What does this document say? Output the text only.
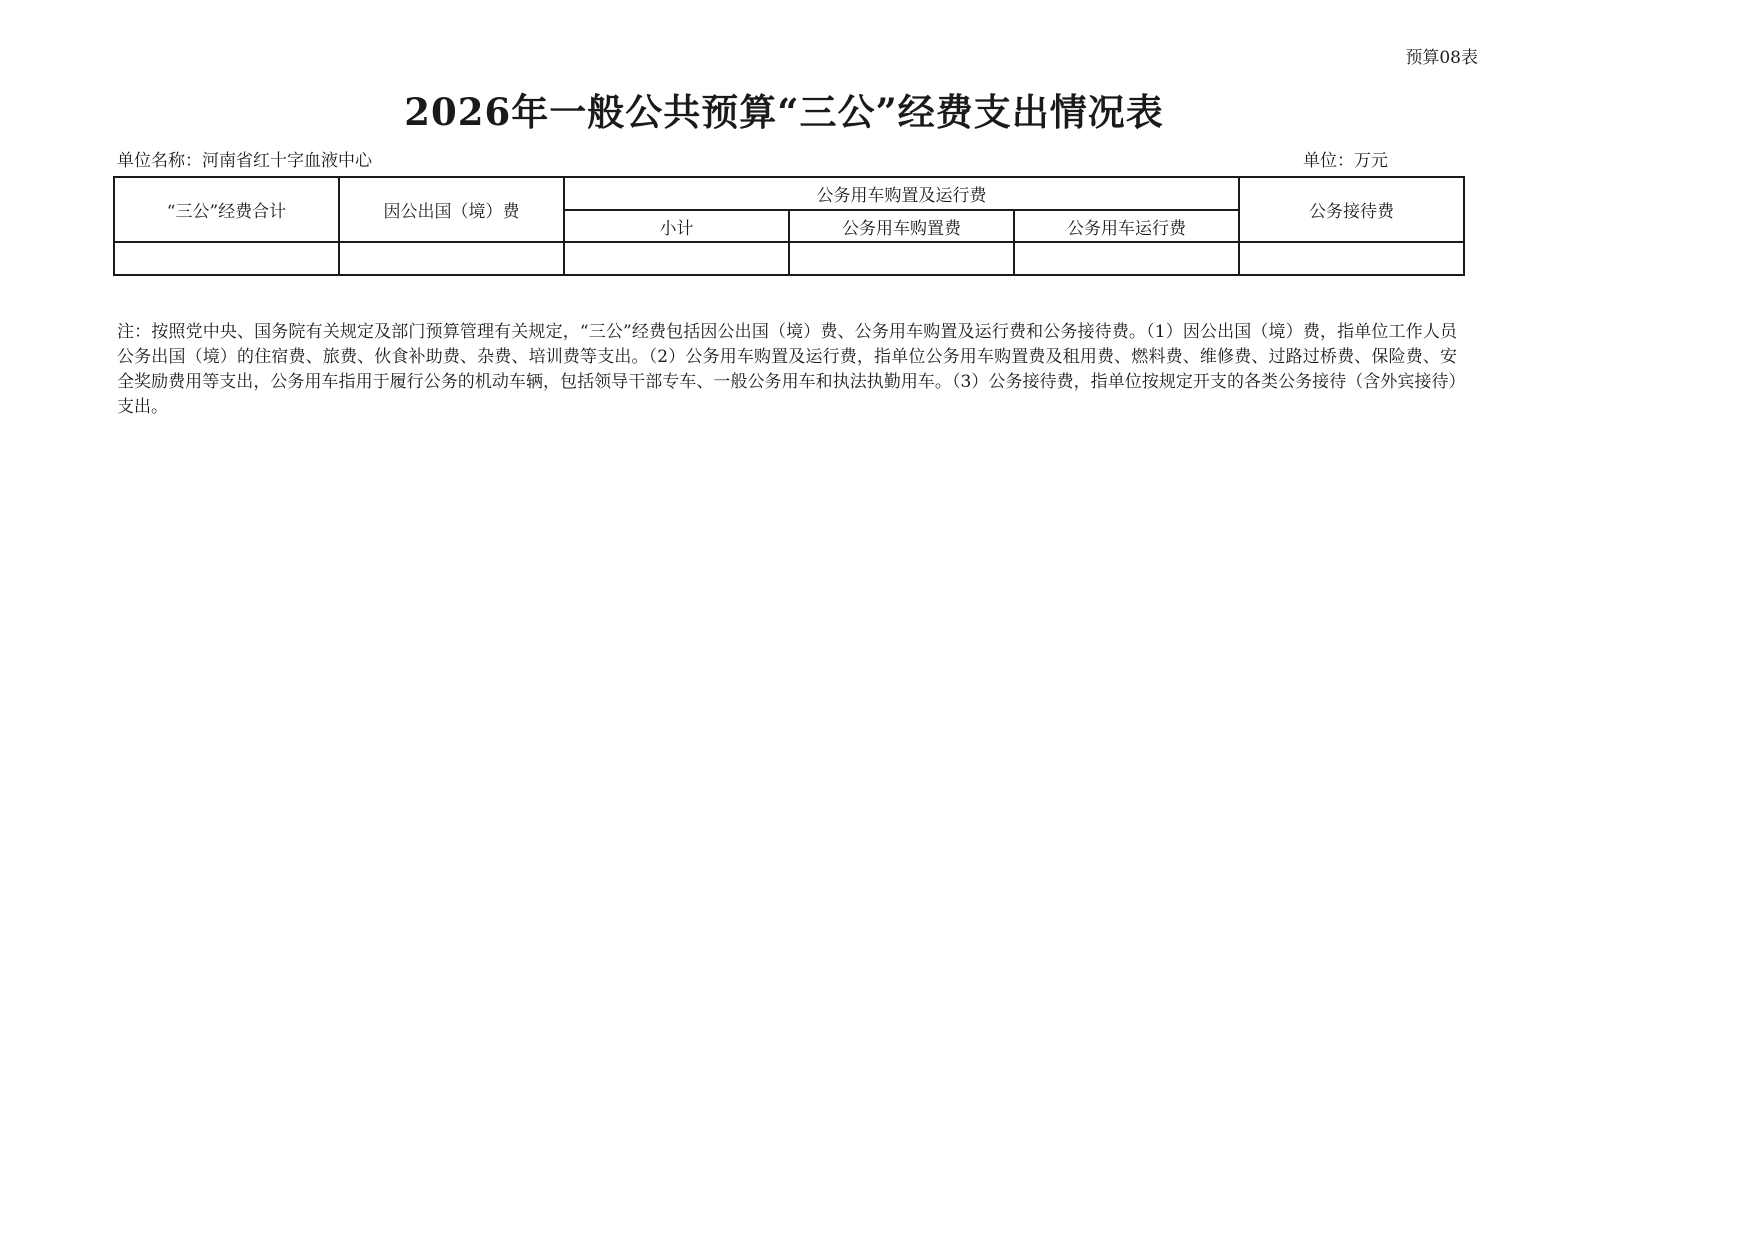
预算08表
2026年一般公共预算“三公”经费支出情况表
单位名称：河南省红十字血液中心	单位：万元
“三公”经费合计	因公出国（境）费	公务用车购置及运行费			公务接待费
		小计	公务用车购置费	公务用车运行费	

注：按照党中央、国务院有关规定及部门预算管理有关规定，“三公”经费包括因公出国（境）费、公务用车购置及运行费和公务接待费。（1）因公出国（境）费，指单位工作人员公务出国（境）的住宿费、旅费、伙食补助费、杂费、培训费等支出。（2）公务用车购置及运行费，指单位公务用车购置费及租用费、燃料费、维修费、过路过桥费、保险费、安全奖励费用等支出，公务用车指用于履行公务的机动车辆，包括领导干部专车、一般公务用车和执法执勤用车。（3）公务接待费，指单位按规定开支的各类公务接待（含外宾接待）支出。
